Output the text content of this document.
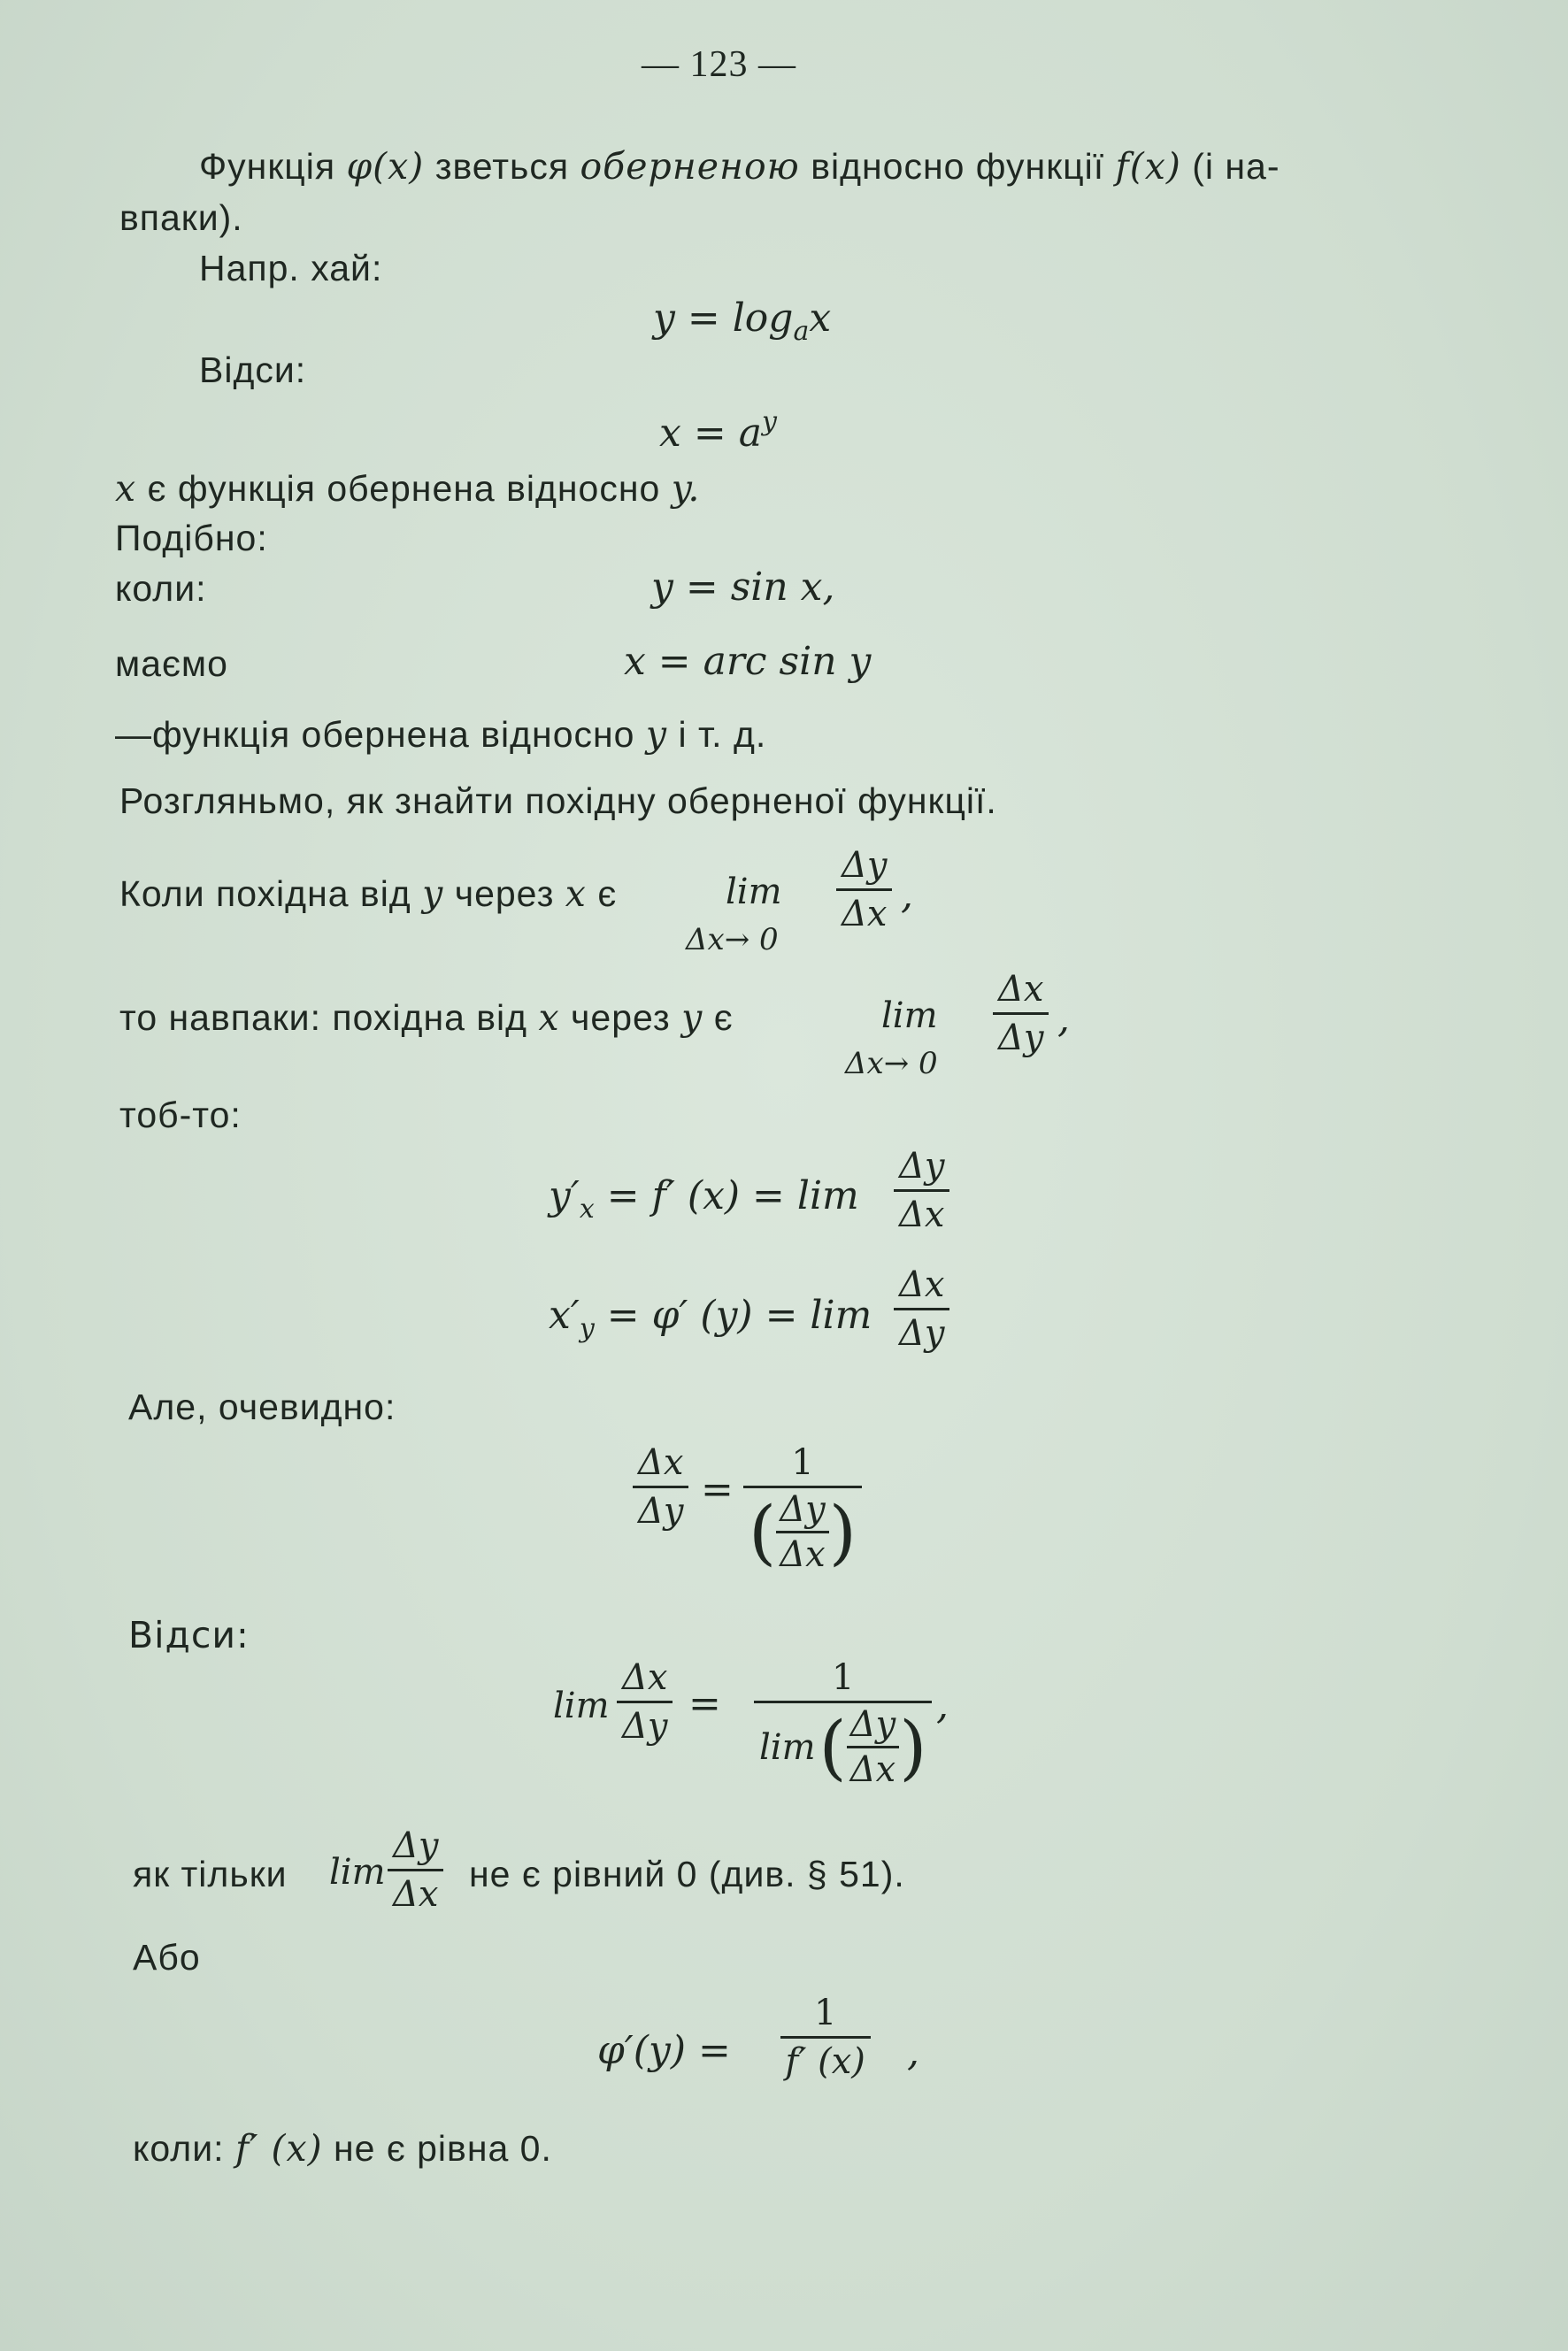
— 123 —
Функція φ(x) зветься оберненою відносно функції f(x) (і на-
впаки).
Напр. хай:
$y = \log_ax$
Відси:
$x = a^y$
x є функція обернена відносно y.
Подібно:
коли:	y = sin x,
маємо	x = arc sin y
—функція обернена відносно y і т. д.
Розгляньмо, як знайти похідну оберненої функції.
Коли похідна від y через x є	lim
Δx→ 0
$\frac{\Delta y}{\Delta x}$ ,
то навпаки: похідна від x через y є	lim
Δx→ 0
$\frac{\Delta x}{\Delta y}$ ,
тоб-то:
$y'_x = f'$ $(x) = \lim \frac{\Delta y}{\Delta x}$
$x'_y = \varphi'$ $(y) = \lim \frac{\Delta x}{\Delta y}$
Але, очевидно:
$\frac{\Delta x}{\Delta y} = 1$
( Δy
Δx )
Відси:
$\lim \frac{\Delta x}{\Delta y} = 1$
lim ( Δy
Δx )
,
як тільки $\lim \frac{\Delta y}{\Delta x}$ не є рівний 0 (див. § 51).
Або
$\varphi'(y) = \frac{1}{f' (x)}$ ,
коли: f′ (x) не є рівна 0.
